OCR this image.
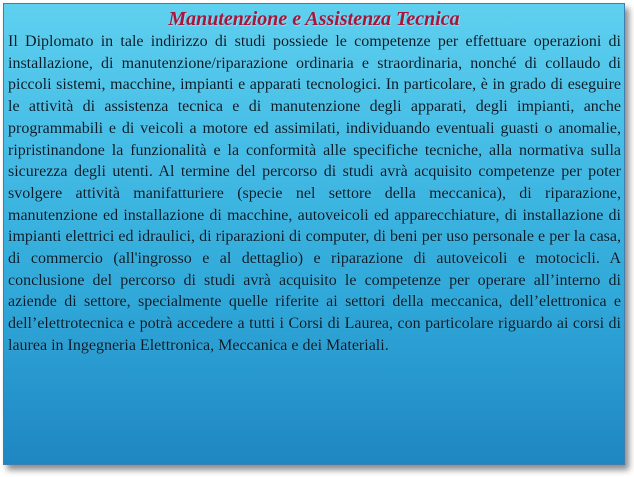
Manutenzione e Assistenza Tecnica

Il Diplomato in tale indirizzo di studi possiede le competenze per effettuare operazioni di installazione, di manutenzione/riparazione ordinaria e straordinaria, nonché di collaudo di piccoli sistemi, macchine, impianti e apparati tecnologici. In particolare, è in grado di eseguire le attività di assistenza tecnica e di manutenzione degli apparati, degli impianti, anche programmabili e di veicoli a motore ed assimilati, individuando eventuali guasti o anomalie, ripristinandone la funzionalità e la conformità alle specifiche tecniche, alla normativa sulla sicurezza degli utenti. Al termine del percorso di studi avrà acquisito competenze per poter svolgere attività manifatturiere (specie nel settore della meccanica), di riparazione, manutenzione ed installazione di macchine, autoveicoli ed apparecchiature, di installazione di impianti elettrici ed idraulici, di riparazioni di computer, di beni per uso personale e per la casa, di commercio (all'ingrosso e al dettaglio) e riparazione di autoveicoli e motocicli. A conclusione del percorso di studi avrà acquisito le competenze per operare all’interno di aziende di settore, specialmente quelle riferite ai settori della meccanica, dell’elettronica e dell’elettrotecnica e potrà accedere a tutti i Corsi di Laurea, con particolare riguardo ai corsi di laurea in Ingegneria Elettronica, Meccanica e dei Materiali.
